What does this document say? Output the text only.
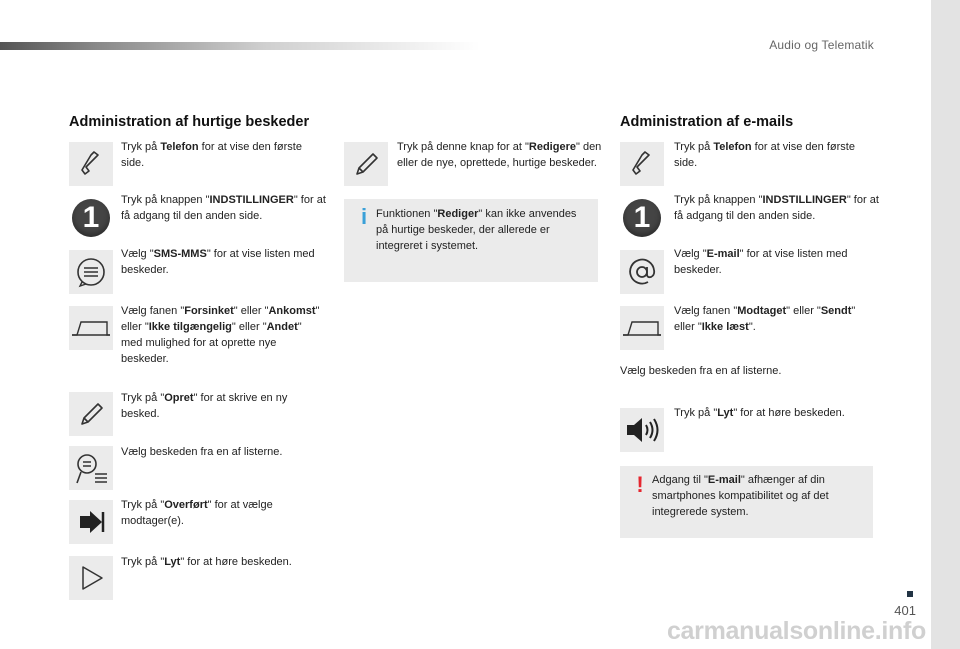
Audio og Telematik
401
carmanualsonline.info
Administration af hurtige beskeder
Tryk på Telefon for at vise den første side.
1
Tryk på knappen "INDSTILLINGER" for at få adgang til den anden side.
Vælg "SMS-MMS" for at vise listen med beskeder.
Vælg fanen "Forsinket" eller "Ankomst" eller "Ikke tilgængelig" eller "Andet" med mulighed for at oprette nye beskeder.
Tryk på "Opret" for at skrive en ny besked.
Vælg beskeden fra en af listerne.
Tryk på "Overført" for at vælge modtager(e).
Tryk på "Lyt" for at høre beskeden.
Tryk på denne knap for at "Redigere" den eller de nye, oprettede, hurtige beskeder.
i Funktionen "Rediger" kan ikke anvendes på hurtige beskeder, der allerede er integreret i systemet.
Administration af e-mails
Tryk på Telefon for at vise den første side.
1
Tryk på knappen "INDSTILLINGER" for at få adgang til den anden side.
Vælg "E-mail" for at vise listen med beskeder.
Vælg fanen "Modtaget" eller "Sendt" eller "Ikke læst".
Vælg beskeden fra en af listerne.
Tryk på "Lyt" for at høre beskeden.
! Adgang til "E-mail" afhænger af din smartphones kompatibilitet og af det integrerede system.
